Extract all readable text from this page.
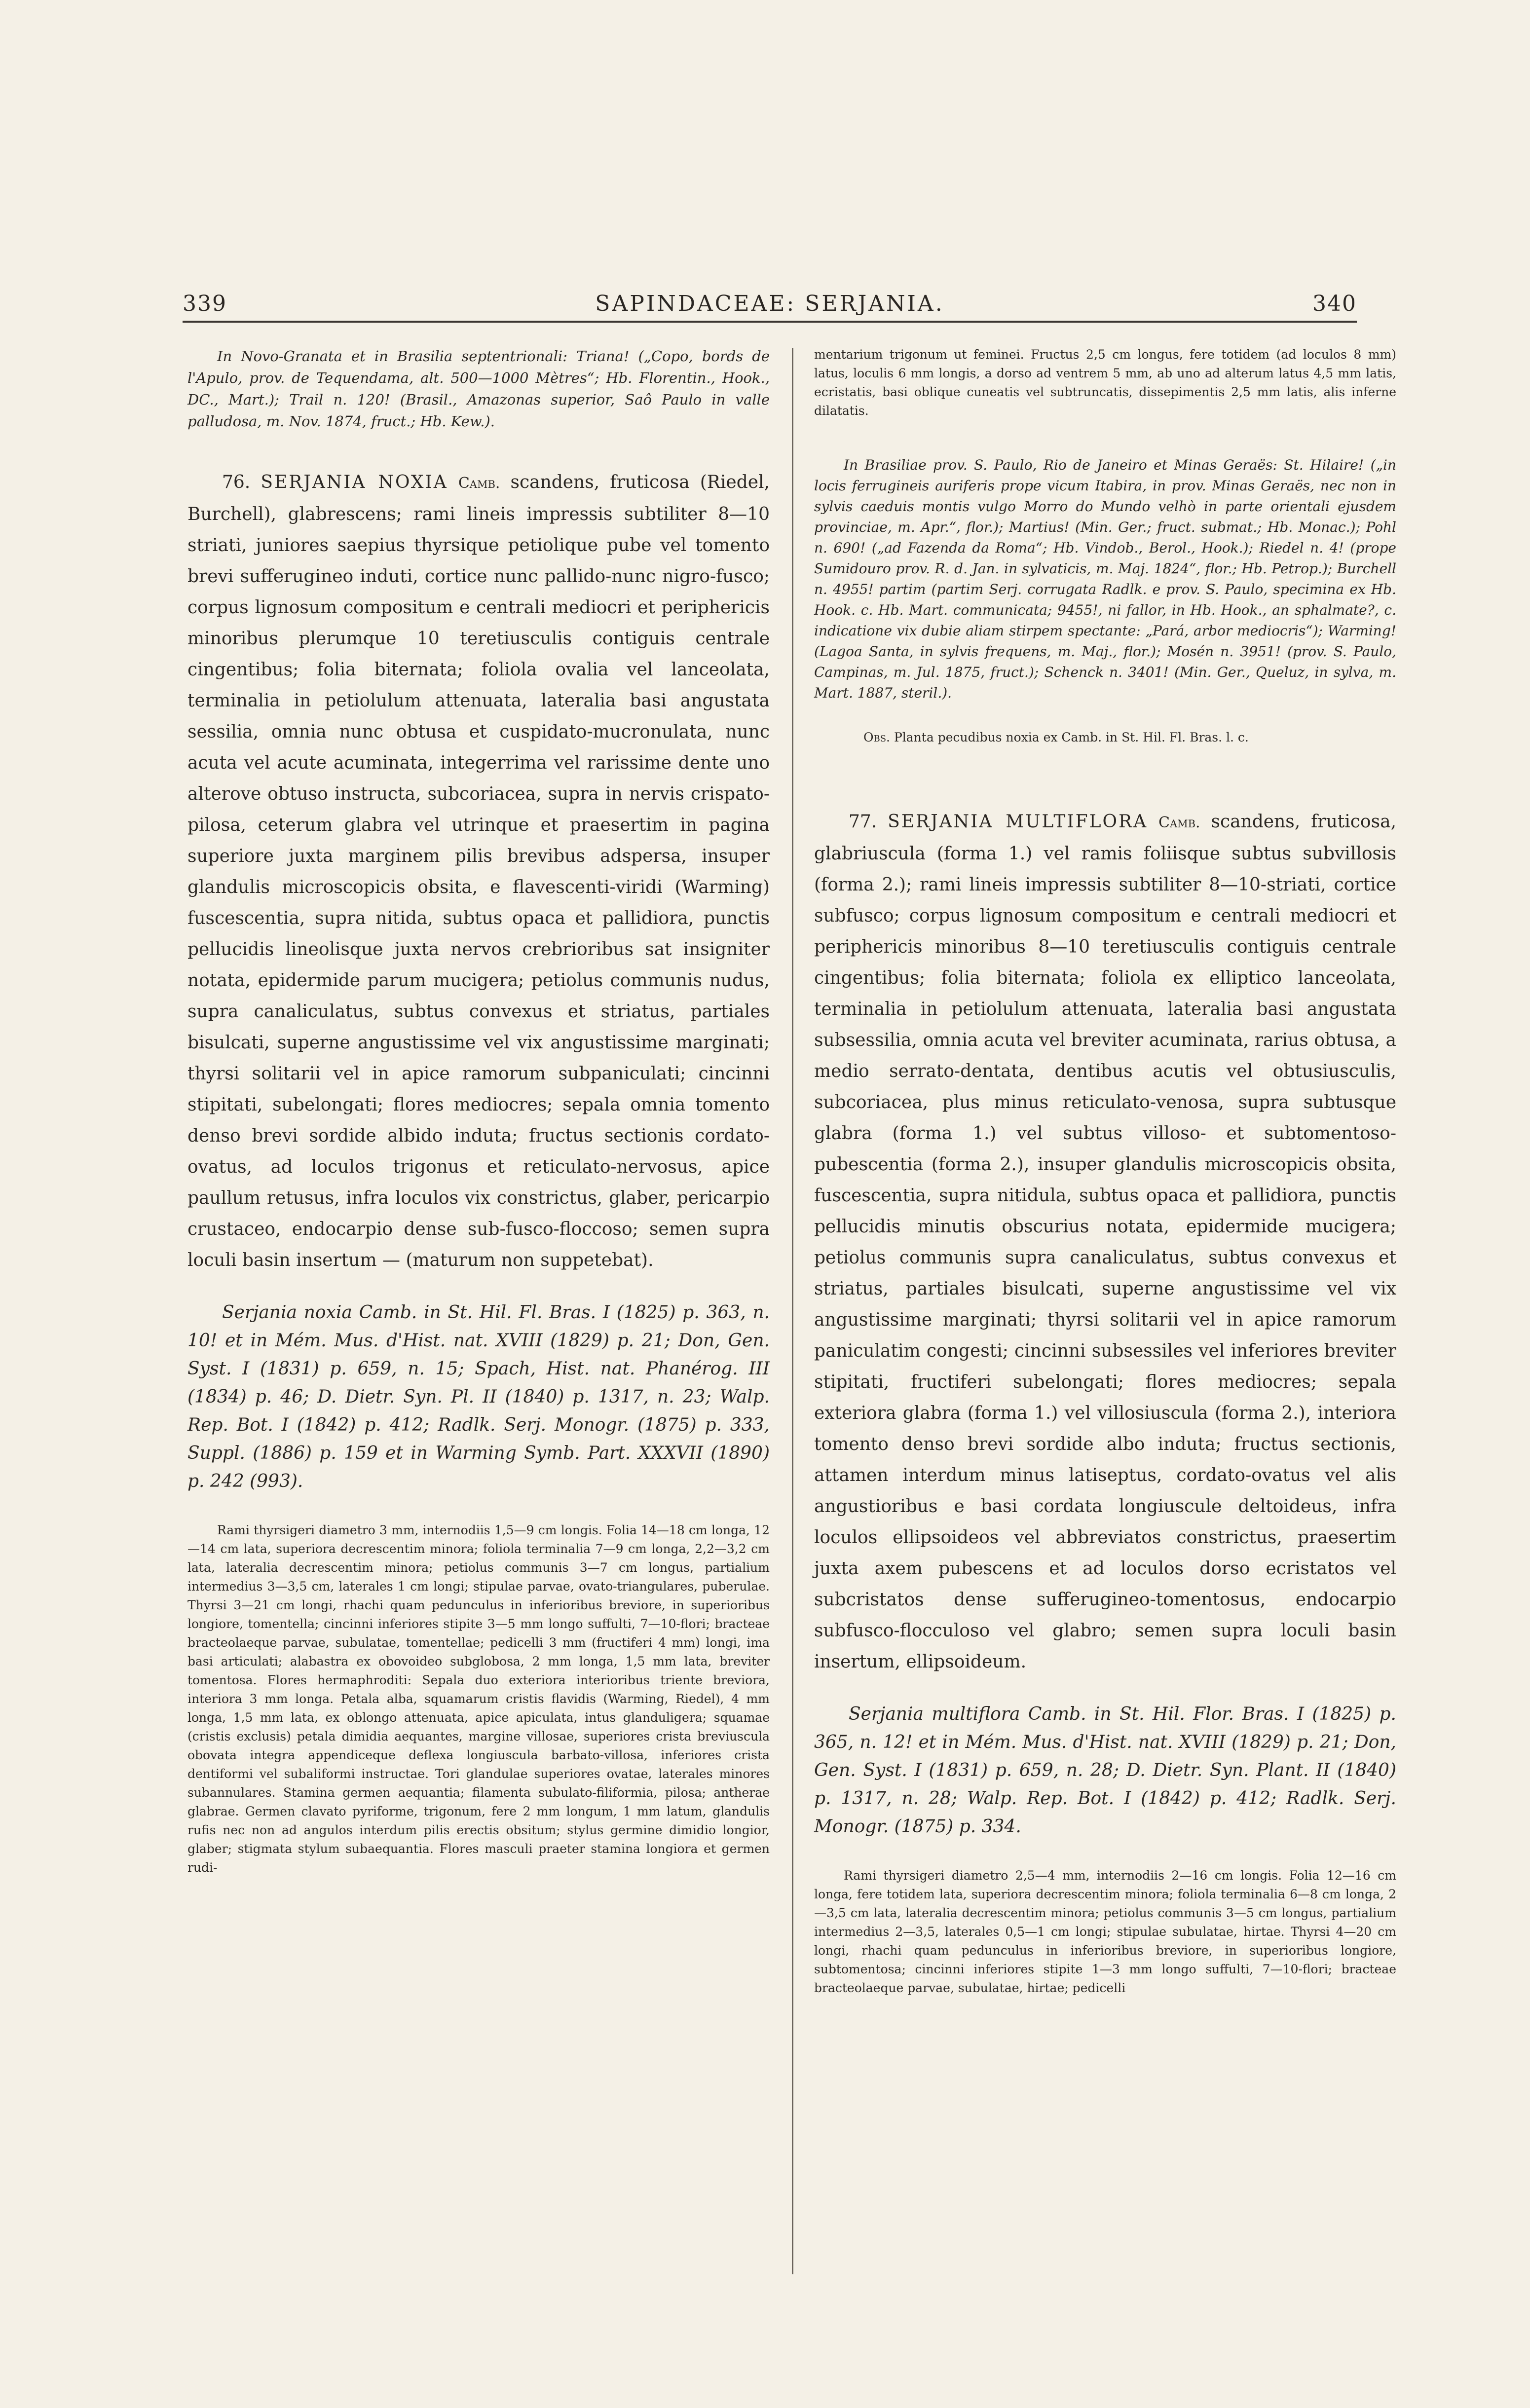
339	SAPINDACEAE: SERJANIA.	340

In Novo-Granata et in Brasilia septentrionali: Triana! („Copo, bords de l'Apulo, prov. de Tequendama, alt. 500—1000 Mètres“; Hb. Florentin., Hook., DC., Mart.); Trail n. 120! (Brasil., Amazonas superior, Saô Paulo in valle palludosa, m. Nov. 1874, fruct.; Hb. Kew.).

76. SERJANIA NOXIA Camb. scandens, fruticosa (Riedel, Burchell), glabrescens; rami lineis impressis subtiliter 8—10 striati, juniores saepius thyrsique petiolique pube vel tomento brevi sufferugineo induti, cortice nunc pallido-nunc nigro-fusco; corpus lignosum compositum e centrali mediocri et periphericis minoribus plerumque 10 teretiusculis contiguis centrale cingentibus; folia biternata; foliola ovalia vel lanceolata, terminalia in petiolulum attenuata, lateralia basi angustata sessilia, omnia nunc obtusa et cuspidato-mucronulata, nunc acuta vel acute acuminata, integerrima vel rarissime dente uno alterove obtuso instructa, subcoriacea, supra in nervis crispato-pilosa, ceterum glabra vel utrinque et praesertim in pagina superiore juxta marginem pilis brevibus adspersa, insuper glandulis microscopicis obsita, e flavescenti-viridi (Warming) fuscescentia, supra nitida, subtus opaca et pallidiora, punctis pellucidis lineolisque juxta nervos crebrioribus sat insigniter notata, epidermide parum mucigera; petiolus communis nudus, supra canaliculatus, subtus convexus et striatus, partiales bisulcati, superne angustissime vel vix angustissime marginati; thyrsi solitarii vel in apice ramorum subpaniculati; cincinni stipitati, subelongati; flores mediocres; sepala omnia tomento denso brevi sordide albido induta; fructus sectionis cordato-ovatus, ad loculos trigonus et reticulato-nervosus, apice paullum retusus, infra loculos vix constrictus, glaber, pericarpio crustaceo, endocarpio dense sub-fusco-floccoso; semen supra loculi basin insertum — (maturum non suppetebat).

Serjania noxia Camb. in St. Hil. Fl. Bras. I (1825) p. 363, n. 10! et in Mém. Mus. d'Hist. nat. XVIII (1829) p. 21; Don, Gen. Syst. I (1831) p. 659, n. 15; Spach, Hist. nat. Phanérog. III (1834) p. 46; D. Dietr. Syn. Pl. II (1840) p. 1317, n. 23; Walp. Rep. Bot. I (1842) p. 412; Radlk. Serj. Monogr. (1875) p. 333, Suppl. (1886) p. 159 et in Warming Symb. Part. XXXVII (1890) p. 242 (993).

Rami thyrsigeri diametro 3 mm, internodiis 1,5—9 cm longis. Folia 14—18 cm longa, 12—14 cm lata, superiora decrescentim minora; foliola terminalia 7—9 cm longa, 2,2—3,2 cm lata, lateralia decrescentim minora; petiolus communis 3—7 cm longus, partialium intermedius 3—3,5 cm, laterales 1 cm longi; stipulae parvae, ovato-triangulares, puberulae. Thyrsi 3—21 cm longi, rhachi quam pedunculus in inferioribus breviore, in superioribus longiore, tomentella; cincinni inferiores stipite 3—5 mm longo suffulti, 7—10-flori; bracteae bracteolaeque parvae, subulatae, tomentellae; pedicelli 3 mm (fructiferi 4 mm) longi, ima basi articulati; alabastra ex obovoideo subglobosa, 2 mm longa, 1,5 mm lata, breviter tomentosa. Flores hermaphroditi: Sepala duo exteriora interioribus triente breviora, interiora 3 mm longa. Petala alba, squamarum cristis flavidis (Warming, Riedel), 4 mm longa, 1,5 mm lata, ex oblongo attenuata, apice apiculata, intus glanduligera; squamae (cristis exclusis) petala dimidia aequantes, margine villosae, superiores crista breviuscula obovata integra appendiceque deflexa longiuscula barbato-villosa, inferiores crista dentiformi vel subaliformi instructae. Tori glandulae superiores ovatae, laterales minores subannulares. Stamina germen aequantia; filamenta subulato-filiformia, pilosa; antherae glabrae. Germen clavato pyriforme, trigonum, fere 2 mm longum, 1 mm latum, glandulis rufis nec non ad angulos interdum pilis erectis obsitum; stylus germine dimidio longior, glaber; stigmata stylum subaequantia. Flores masculi praeter stamina longiora et germen rudi-

mentarium trigonum ut feminei. Fructus 2,5 cm longus, fere totidem (ad loculos 8 mm) latus, loculis 6 mm longis, a dorso ad ventrem 5 mm, ab uno ad alterum latus 4,5 mm latis, ecristatis, basi oblique cuneatis vel subtruncatis, dissepimentis 2,5 mm latis, alis inferne dilatatis.

In Brasiliae prov. S. Paulo, Rio de Janeiro et Minas Geraës: St. Hilaire! („in locis ferrugineis auriferis prope vicum Itabira, in prov. Minas Geraës, nec non in sylvis caeduis montis vulgo Morro do Mundo velhò in parte orientali ejusdem provinciae, m. Apr.“, flor.); Martius! (Min. Ger.; fruct. submat.; Hb. Monac.); Pohl n. 690! („ad Fazenda da Roma“; Hb. Vindob., Berol., Hook.); Riedel n. 4! (prope Sumidouro prov. R. d. Jan. in sylvaticis, m. Maj. 1824“, flor.; Hb. Petrop.); Burchell n. 4955! partim (partim Serj. corrugata Radlk. e prov. S. Paulo, specimina ex Hb. Hook. c. Hb. Mart. communicata; 9455!, ni fallor, in Hb. Hook., an sphalmate?, c. indicatione vix dubie aliam stirpem spectante: „Pará, arbor mediocris“); Warming! (Lagoa Santa, in sylvis frequens, m. Maj., flor.); Mosén n. 3951! (prov. S. Paulo, Campinas, m. Jul. 1875, fruct.); Schenck n. 3401! (Min. Ger., Queluz, in sylva, m. Mart. 1887, steril.).

Obs. Planta pecudibus noxia ex Camb. in St. Hil. Fl. Bras. l. c.

77. SERJANIA MULTIFLORA Camb. scandens, fruticosa, glabriuscula (forma 1.) vel ramis foliisque subtus subvillosis (forma 2.); rami lineis impressis subtiliter 8—10-striati, cortice subfusco; corpus lignosum compositum e centrali mediocri et periphericis minoribus 8—10 teretiusculis contiguis centrale cingentibus; folia biternata; foliola ex elliptico lanceolata, terminalia in petiolulum attenuata, lateralia basi angustata subsessilia, omnia acuta vel breviter acuminata, rarius obtusa, a medio serrato-dentata, dentibus acutis vel obtusiusculis, subcoriacea, plus minus reticulato-venosa, supra subtusque glabra (forma 1.) vel subtus villoso- et subtomentoso-pubescentia (forma 2.), insuper glandulis microscopicis obsita, fuscescentia, supra nitidula, subtus opaca et pallidiora, punctis pellucidis minutis obscurius notata, epidermide mucigera; petiolus communis supra canaliculatus, subtus convexus et striatus, partiales bisulcati, superne angustissime vel vix angustissime marginati; thyrsi solitarii vel in apice ramorum paniculatim congesti; cincinni subsessiles vel inferiores breviter stipitati, fructiferi subelongati; flores mediocres; sepala exteriora glabra (forma 1.) vel villosiuscula (forma 2.), interiora tomento denso brevi sordide albo induta; fructus sectionis, attamen interdum minus latiseptus, cordato-ovatus vel alis angustioribus e basi cordata longiuscule deltoideus, infra loculos ellipsoideos vel abbreviatos constrictus, praesertim juxta axem pubescens et ad loculos dorso ecristatos vel subcristatos dense sufferugineo-tomentosus, endocarpio subfusco-flocculoso vel glabro; semen supra loculi basin insertum, ellipsoideum.

Serjania multiflora Camb. in St. Hil. Flor. Bras. I (1825) p. 365, n. 12! et in Mém. Mus. d'Hist. nat. XVIII (1829) p. 21; Don, Gen. Syst. I (1831) p. 659, n. 28; D. Dietr. Syn. Plant. II (1840) p. 1317, n. 28; Walp. Rep. Bot. I (1842) p. 412; Radlk. Serj. Monogr. (1875) p. 334.

Rami thyrsigeri diametro 2,5—4 mm, internodiis 2—16 cm longis. Folia 12—16 cm longa, fere totidem lata, superiora decrescentim minora; foliola terminalia 6—8 cm longa, 2—3,5 cm lata, lateralia decrescentim minora; petiolus communis 3—5 cm longus, partialium intermedius 2—3,5, laterales 0,5—1 cm longi; stipulae subulatae, hirtae. Thyrsi 4—20 cm longi, rhachi quam pedunculus in inferioribus breviore, in superioribus longiore, subtomentosa; cincinni inferiores stipite 1—3 mm longo suffulti, 7—10-flori; bracteae bracteolaeque parvae, subulatae, hirtae; pedicelli
